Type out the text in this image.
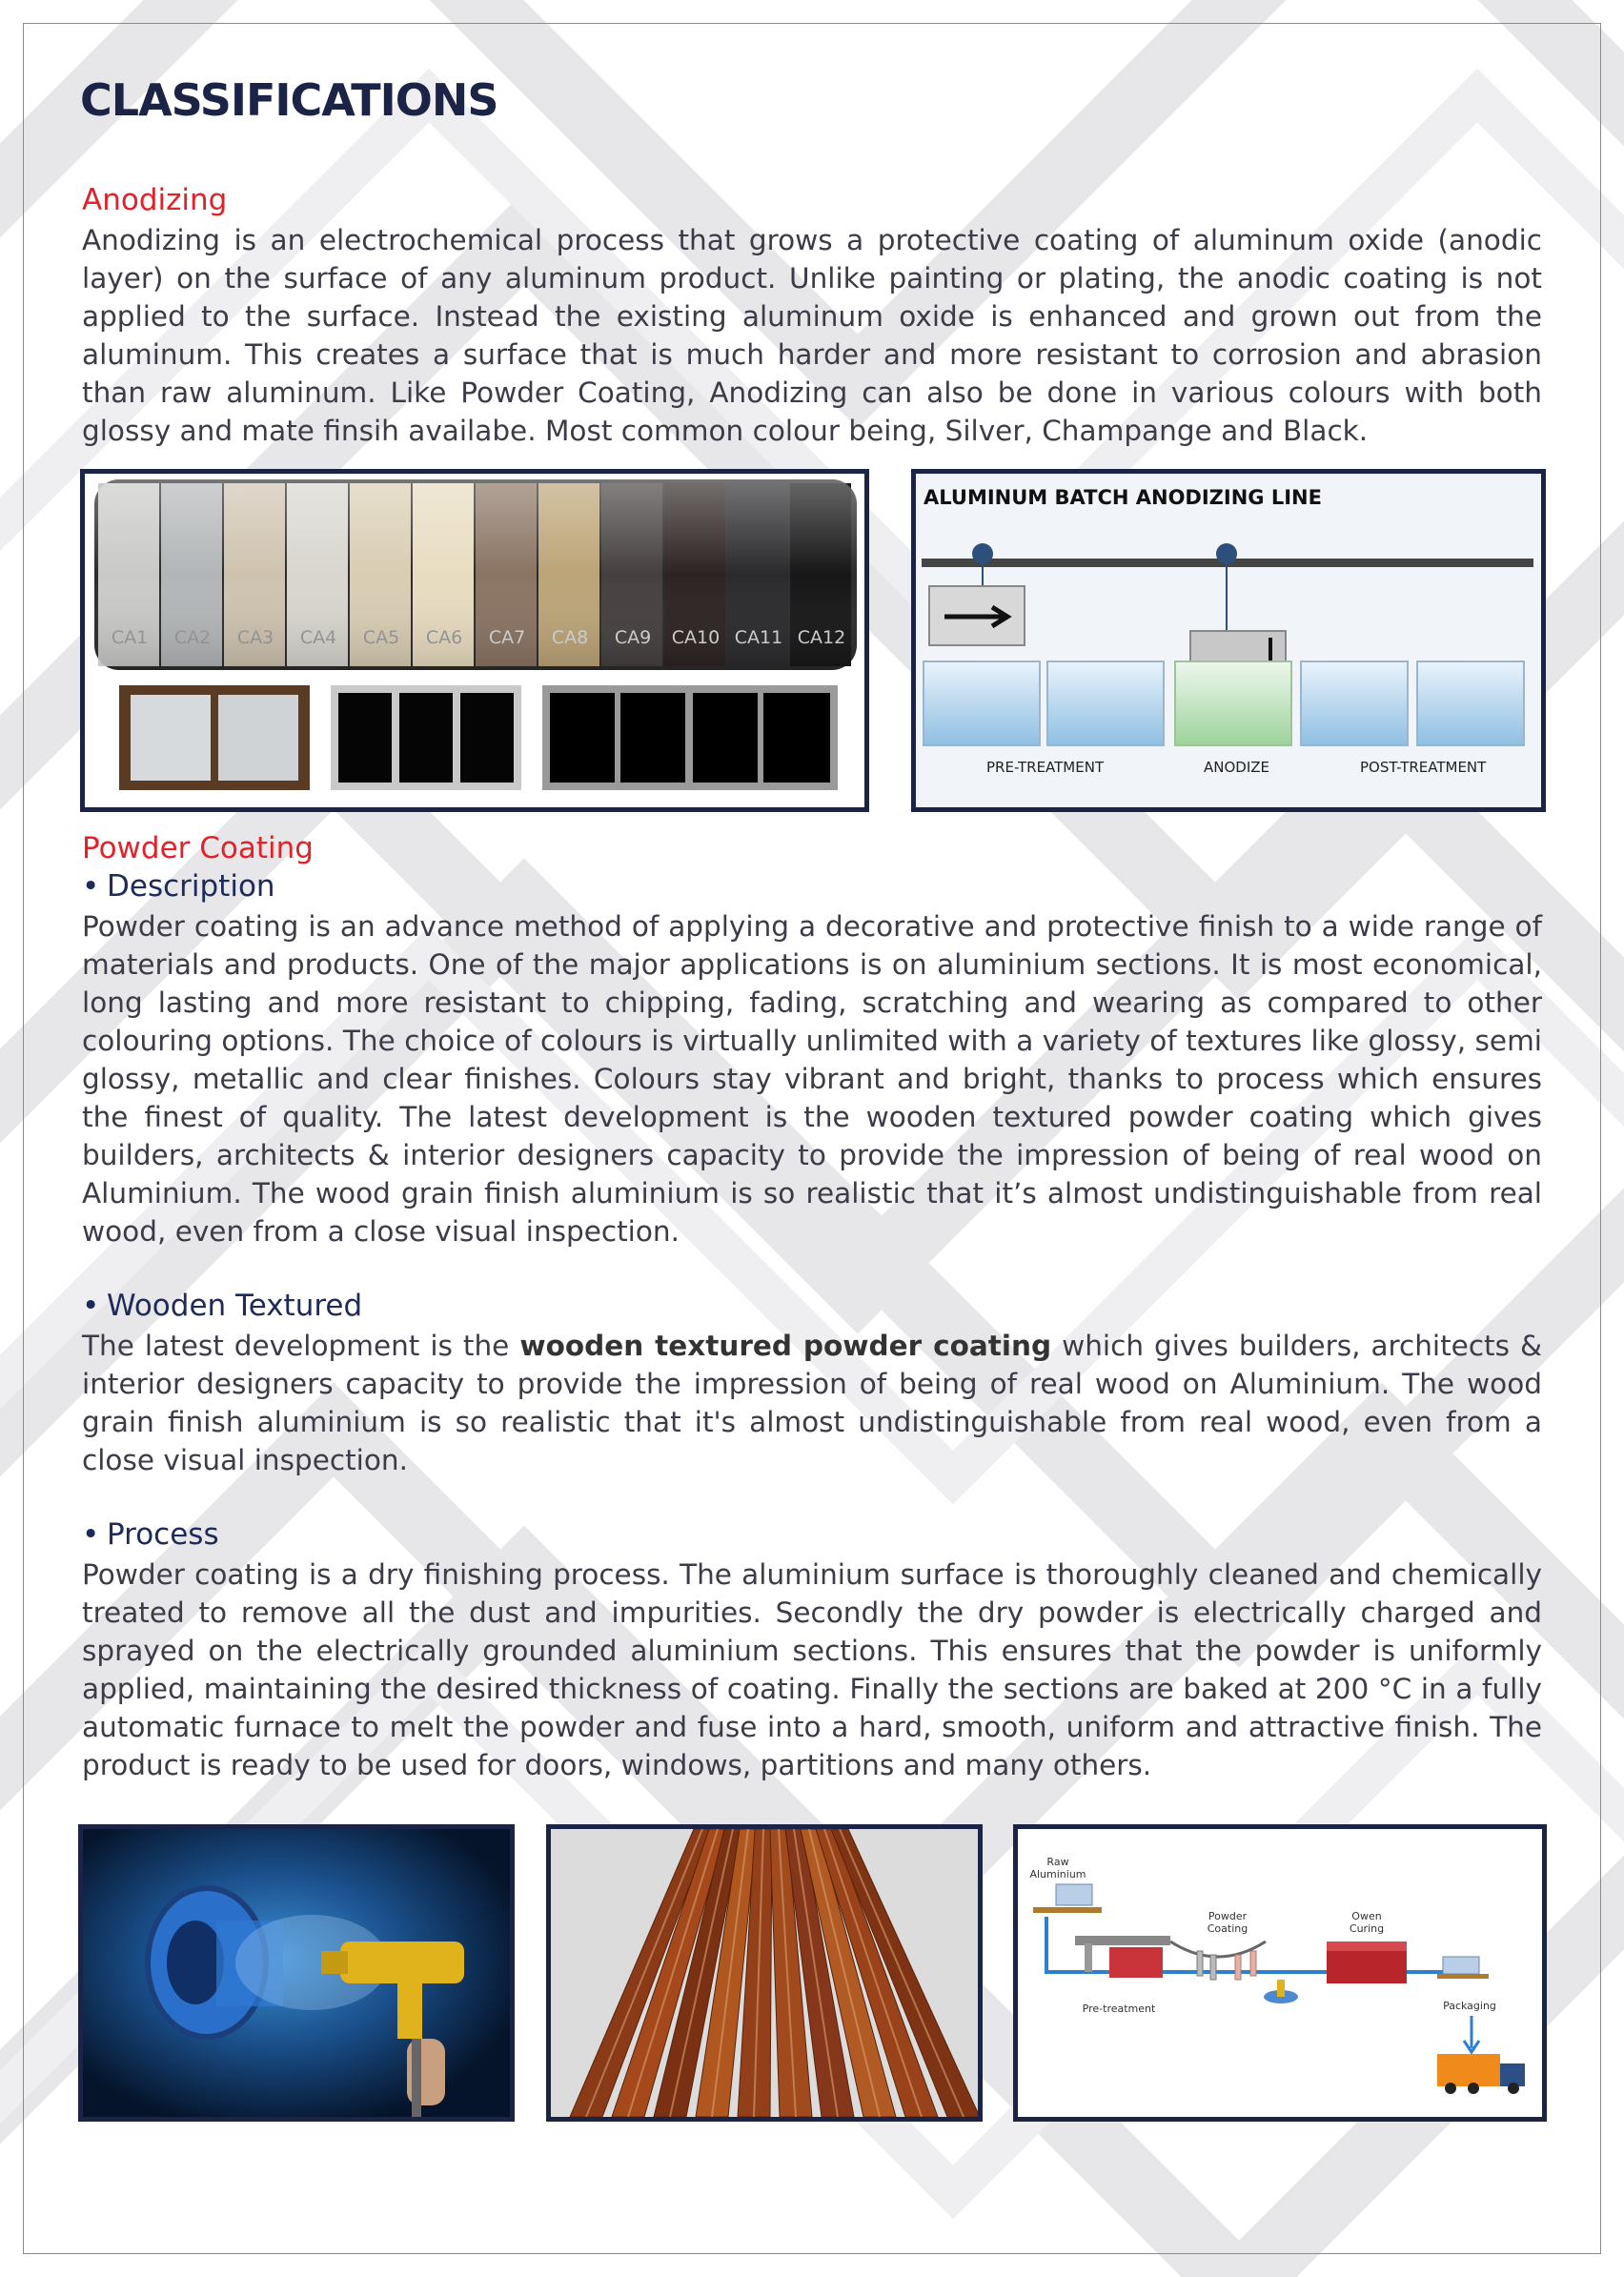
CLASSIFICATIONS
Anodizing

Anodizing is an electrochemical process that grows a protective coating of aluminum oxide (anodic layer) on the surface of any aluminum product. Unlike painting or plating, the anodic coating is not applied to the surface. Instead the existing aluminum oxide is enhanced and grown out from the aluminum. This creates a surface that is much harder and more resistant to corrosion and abrasion than raw aluminum. Like Powder Coating, Anodizing can also be done in various colours with both glossy and mate finsih availabe. Most common colour being, Silver, Champange and Black.

ALUMINUM BATCH ANODIZING LINE
PRE-TREATMENT	ANODIZE	POST-TREATMENT
Powder Coating

• Description

Powder coating is an advance method of applying a decorative and protective finish to a wide range of materials and products. One of the major applications is on aluminium sections. It is most economical, long lasting and more resistant to chipping, fading, scratching and wearing as compared to other colouring options. The choice of colours is virtually unlimited with a variety of textures like glossy, semi glossy, metallic and clear finishes. Colours stay vibrant and bright, thanks to process which ensures the finest of quality. The latest development is the wooden textured powder coating which gives builders, architects & interior designers capacity to provide the impression of being of real wood on Aluminium. The wood grain finish aluminium is so realistic that it’s almost undistinguishable from real wood, even from a close visual inspection.

• Wooden Textured

The latest development is the wooden textured powder coating which gives builders, architects & interior designers capacity to provide the impression of being of real wood on Aluminium. The wood grain finish aluminium is so realistic that it's almost undistinguishable from real wood, even from a close visual inspection.

• Process

Powder coating is a dry finishing process. The aluminium surface is thoroughly cleaned and chemically treated to remove all the dust and impurities. Secondly the dry powder is electrically charged and sprayed on the electrically grounded aluminium sections. This ensures that the powder is uniformly applied, maintaining the desired thickness of coating. Finally the sections are baked at 200 °C in a fully automatic furnace to melt the powder and fuse into a hard, smooth, uniform and attractive finish. The product is ready to be used for doors, windows, partitions and many others.

Raw
Aluminium
Powder
Coating
Owen
Curing
Pre-treatment	Packaging
